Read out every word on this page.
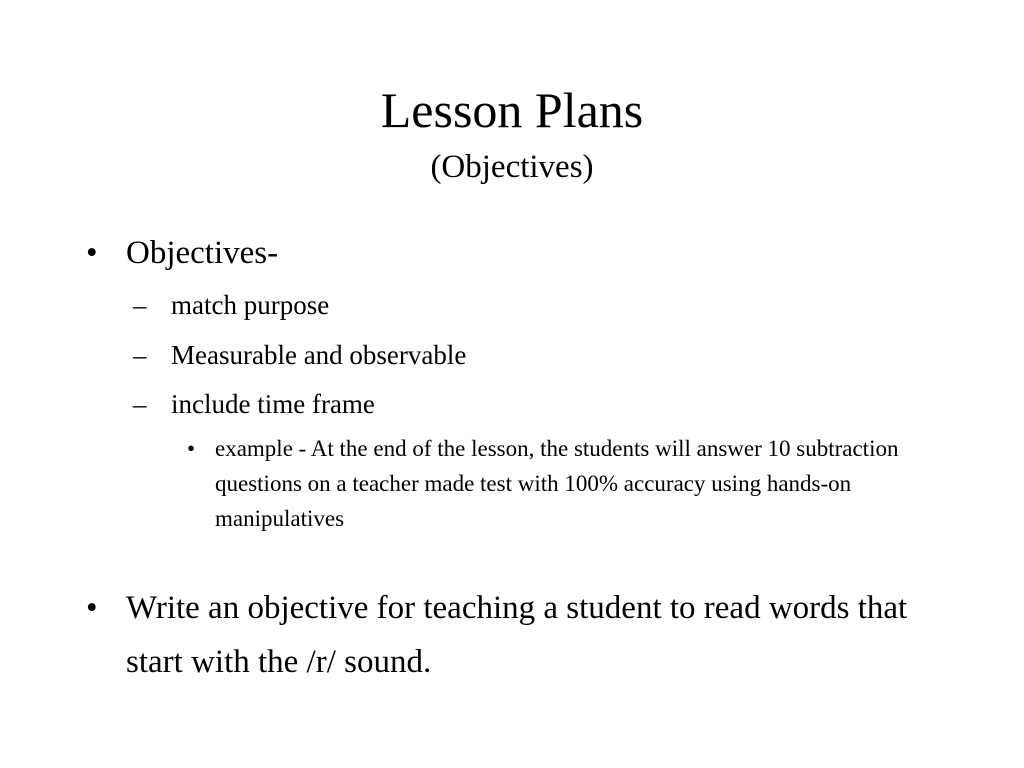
Lesson Plans
(Objectives)
• Objectives-
– match purpose
– Measurable and observable
– include time frame
• example - At the end of the lesson, the students will answer 10 subtraction questions on a teacher made test with 100% accuracy using hands-on manipulatives
• Write an objective for teaching a student to read words that start with the /r/ sound.
